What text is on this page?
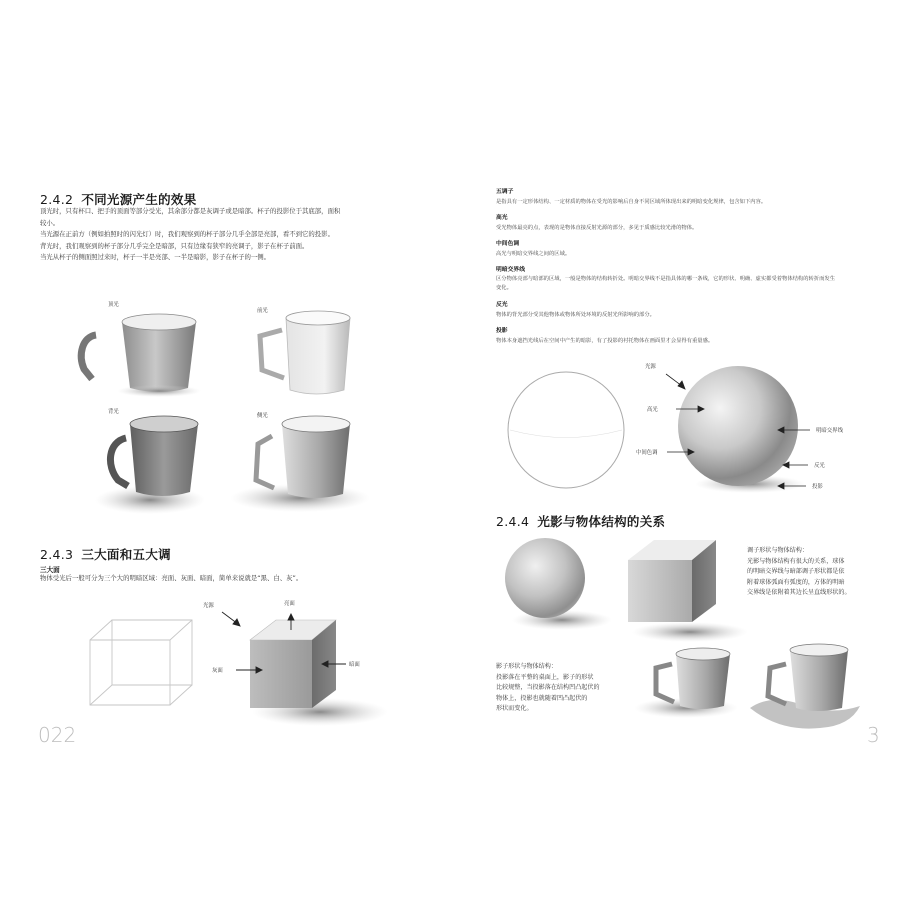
2.4.2 不同光源产生的效果
顶光时，只有杯口、把手的顶面等部分受光，其余部分都是灰调子或是暗部。杯子的投影位于其底部，面积
较小。
当光源在正前方（例如拍照时的闪光灯）时，我们观察到的杯子部分几乎全部是亮部，看不到它的投影。
背光时，我们观察到的杯子部分几乎完全是暗部，只有边缘有狭窄的亮调子，影子在杯子前面。
当光从杯子的侧面照过来时，杯子一半是亮部、一半是暗影，影子在杯子的一侧。
顶光
前光
背光
侧光
2.4.3 三大面和五大调
三大面
物体受光后一般可分为三个大的明暗区域：亮面、灰面、暗面，简单来说就是“黑、白、灰”。
光源	亮面
灰面
暗面
022
五调子
是指具有一定形体结构、一定材质的物体在受光的影响后自身不同区域所体现出来的明暗变化规律，包含如下内容。
高光
受光物体最亮的点，表现的是物体直接反射光源的部分，多见于质感比较光滑的物体。
中间色调
高光与明暗交界线之间的区域。
明暗交界线
区分物体亮部与暗部的区域，一般是物体的结构转折处。明暗交界线不是指具体的哪一条线，它的形状、明确、虚实都受着物体结构的转折而发生变化。
反光
物体的背光部分受其他物体或物体所处环境的反射光所影响的部分。
投影
物体本身遮挡光线后在空间中产生的暗影，有了投影的衬托物体在画面里才会显得有重量感。
光源
高光
明暗交界线
中间色调
反光
投影
2.4.4 光影与物体结构的关系
调子形状与物体结构：
光影与物体结构有很大的关系，球体
的明暗交界线与暗部调子形状都是依
附着球体弧面有弧度的，方体的明暗
交界线是依附着其边长呈直线形状的。
影子形状与物体结构：
投影落在平整的桌面上，影子的形状
比较规整，当投影落在结构凹凸起伏的
物体上，投影也就随着凹凸起伏的
形状而变化。
3
